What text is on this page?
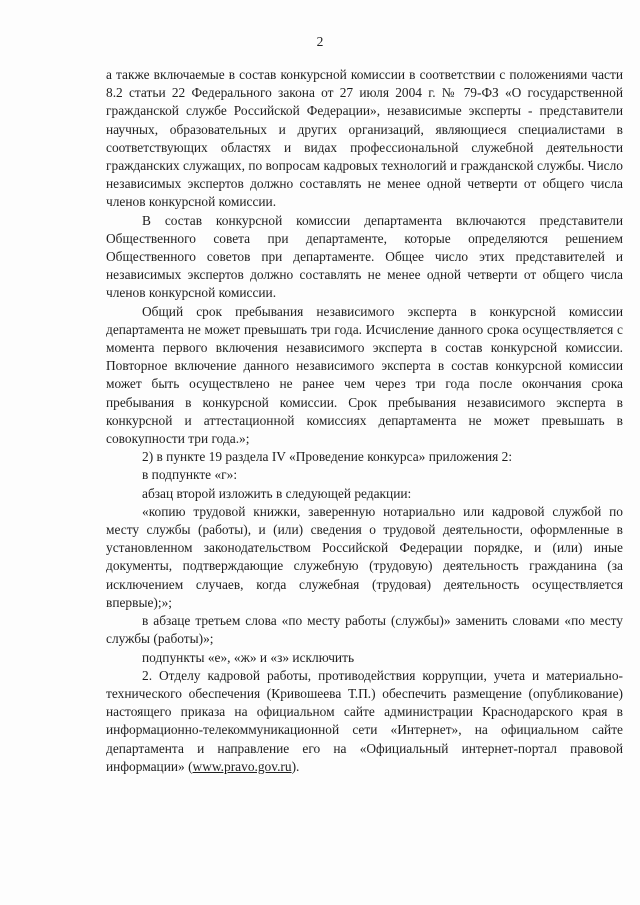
2

а также включаемые в состав конкурсной комиссии в соответствии с положениями части 8.2 статьи 22 Федерального закона от 27 июля 2004 г. № 79-ФЗ «О государственной гражданской службе Российской Федерации», независимые эксперты - представители научных, образовательных и других организаций, являющиеся специалистами в соответствующих областях и видах профессиональной служебной деятельности гражданских служащих, по вопросам кадровых технологий и гражданской службы. Число независимых экспертов должно составлять не менее одной четверти от общего числа членов конкурсной комиссии.

В состав конкурсной комиссии департамента включаются представители Общественного совета при департаменте, которые определяются решением Общественного советов при департаменте. Общее число этих представителей и независимых экспертов должно составлять не менее одной четверти от общего числа членов конкурсной комиссии.

Общий срок пребывания независимого эксперта в конкурсной комиссии департамента не может превышать три года. Исчисление данного срока осуществляется с момента первого включения независимого эксперта в состав конкурсной комиссии. Повторное включение данного независимого эксперта в состав конкурсной комиссии может быть осуществлено не ранее чем через три года после окончания срока пребывания в конкурсной комиссии. Срок пребывания независимого эксперта в конкурсной и аттестационной комиссиях департамента не может превышать в совокупности три года.»;

2) в пункте 19 раздела IV «Проведение конкурса» приложения 2:

в подпункте «г»:

абзац второй изложить в следующей редакции:

«копию трудовой книжки, заверенную нотариально или кадровой службой по месту службы (работы), и (или) сведения о трудовой деятельности, оформленные в установленном законодательством Российской Федерации порядке, и (или) иные документы, подтверждающие служебную (трудовую) деятельность гражданина (за исключением случаев, когда служебная (трудовая) деятельность осуществляется впервые);»;

в абзаце третьем слова «по месту работы (службы)» заменить словами «по месту службы (работы)»;

подпункты «е», «ж» и «з» исключить

2. Отделу кадровой работы, противодействия коррупции, учета и материально-технического обеспечения (Кривошеева Т.П.) обеспечить размещение (опубликование) настоящего приказа на официальном сайте администрации Краснодарского края в информационно-телекоммуникационной сети «Интернет», на официальном сайте департамента и направление его на «Официальный интернет-портал правовой информации» (www.pravo.gov.ru).
